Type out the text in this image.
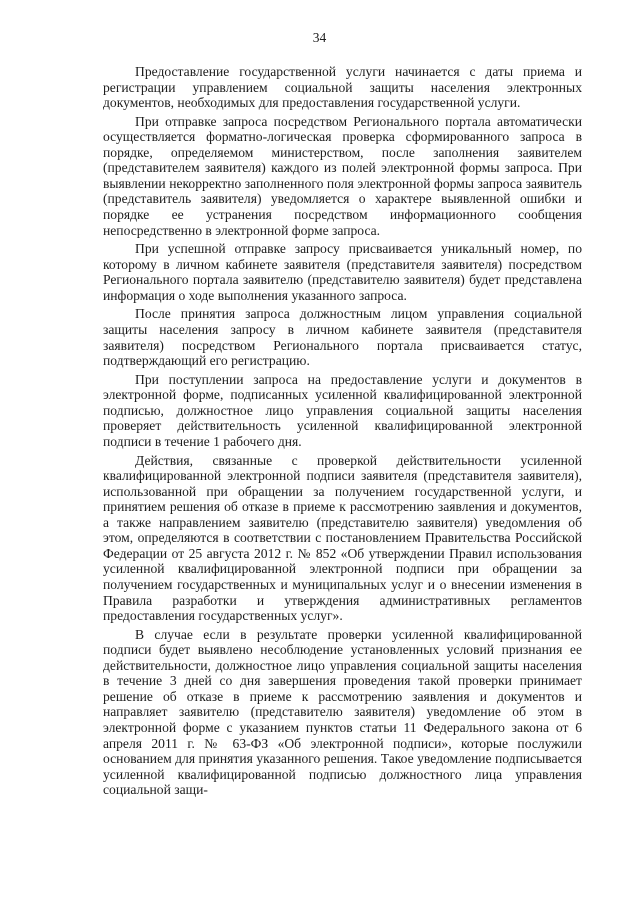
34

Предоставление государственной услуги начинается с даты приема и регистрации управлением социальной защиты населения электронных документов, необходимых для предоставления государственной услуги.

При отправке запроса посредством Регионального портала автоматически осуществляется форматно-логическая проверка сформированного запроса в порядке, определяемом министерством, после заполнения заявителем (представителем заявителя) каждого из полей электронной формы запроса. При выявлении некорректно заполненного поля электронной формы запроса заявитель (представитель заявителя) уведомляется о характере выявленной ошибки и порядке ее устранения посредством информационного сообщения непосредственно в электронной форме запроса.

При успешной отправке запросу присваивается уникальный номер, по которому в личном кабинете заявителя (представителя заявителя) посредством Регионального портала заявителю (представителю заявителя) будет представлена информация о ходе выполнения указанного запроса.

После принятия запроса должностным лицом управления социальной защиты населения запросу в личном кабинете заявителя (представителя заявителя) посредством Регионального портала присваивается статус, подтверждающий его регистрацию.

При поступлении запроса на предоставление услуги и документов в электронной форме, подписанных усиленной квалифицированной электронной подписью, должностное лицо управления социальной защиты населения проверяет действительность усиленной квалифицированной электронной подписи в течение 1 рабочего дня.

Действия, связанные с проверкой действительности усиленной квалифицированной электронной подписи заявителя (представителя заявителя), использованной при обращении за получением государственной услуги, и принятием решения об отказе в приеме к рассмотрению заявления и документов, а также направлением заявителю (представителю заявителя) уведомления об этом, определяются в соответствии с постановлением Правительства Российской Федерации от 25 августа 2012 г. № 852 «Об утверждении Правил использования усиленной квалифицированной электронной подписи при обращении за получением государственных и муниципальных услуг и о внесении изменения в Правила разработки и утверждения административных регламентов предоставления государственных услуг».

В случае если в результате проверки усиленной квалифицированной подписи будет выявлено несоблюдение установленных условий признания ее действительности, должностное лицо управления социальной защиты населения в течение 3 дней со дня завершения проведения такой проверки принимает решение об отказе в приеме к рассмотрению заявления и документов и направляет заявителю (представителю заявителя) уведомление об этом в электронной форме с указанием пунктов статьи 11 Федерального закона от 6 апреля 2011 г. № 63-ФЗ «Об электронной подписи», которые послужили основанием для принятия указанного решения. Такое уведомление подписывается усиленной квалифицированной подписью должностного лица управления социальной защи-
